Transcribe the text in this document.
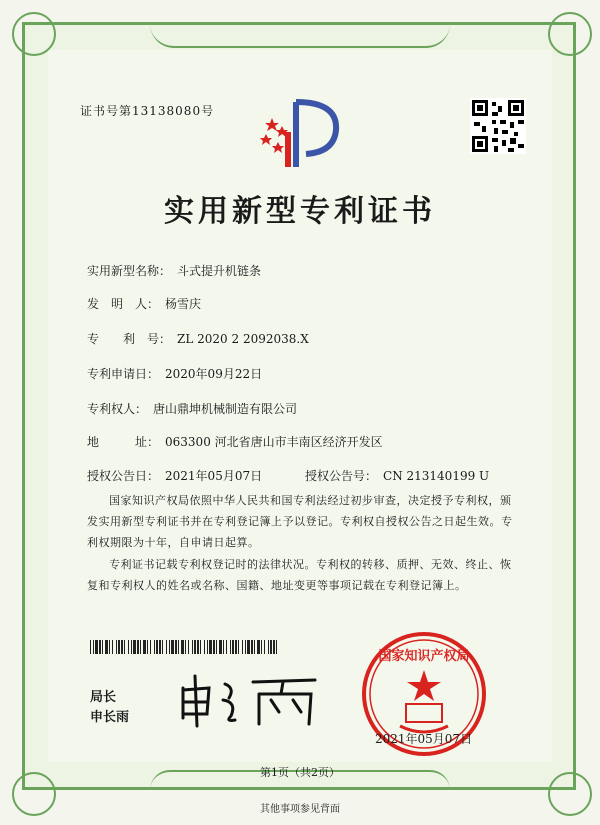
证书号第13138080号
实用新型专利证书
实用新型名称： 斗式提升机链条
发　明　人： 杨雪庆
专　　利　号： ZL 2020 2 2092038.X
专利申请日： 2020年09月22日
专利权人： 唐山鼎坤机械制造有限公司
地　　　址： 063300 河北省唐山市丰南区经济开发区
授权公告日： 2021年05月07日	授权公告号： CN 213140199 U
国家知识产权局依照中华人民共和国专利法经过初步审查，决定授予专利权，颁发实用新型专利证书并在专利登记簿上予以登记。专利权自授权公告之日起生效。专利权期限为十年，自申请日起算。
专利证书记载专利权登记时的法律状况。专利权的转移、质押、无效、终止、恢复和专利权人的姓名或名称、国籍、地址变更等事项记载在专利登记簿上。
局长
申长雨
国家知识产权局
2021年05月07日
第1页（共2页）
其他事项参见背面
